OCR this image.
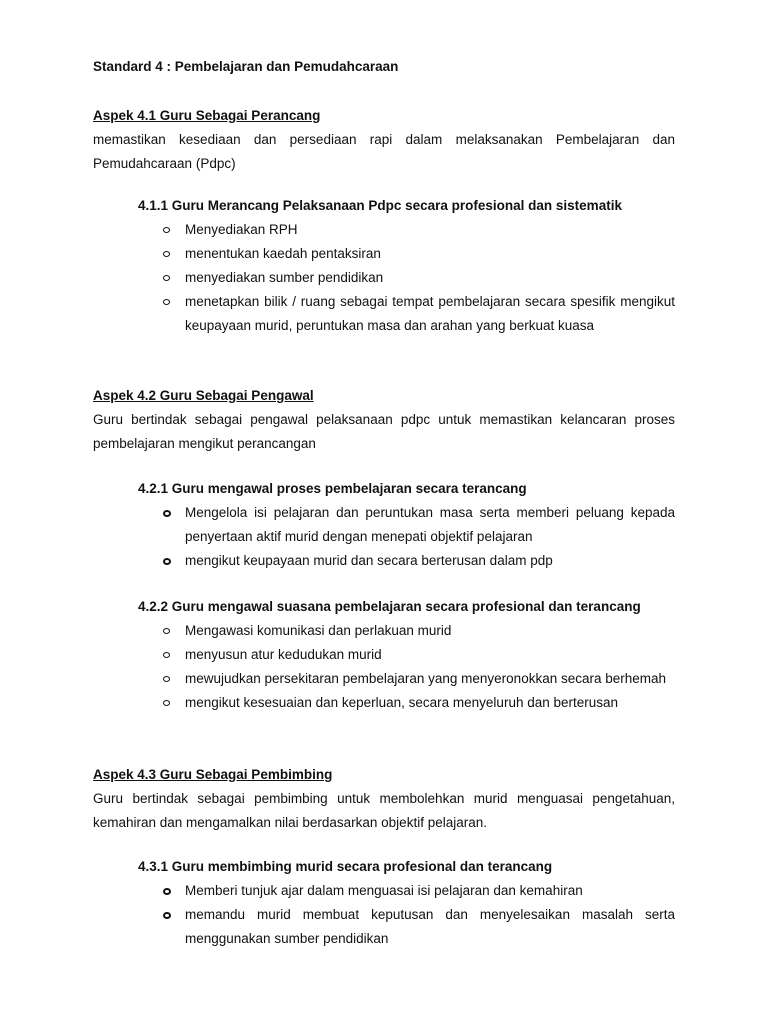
Standard 4 : Pembelajaran dan Pemudahcaraan
Aspek 4.1 Guru Sebagai Perancang

memastikan kesediaan dan persediaan rapi dalam melaksanakan Pembelajaran dan Pemudahcaraan (Pdpc)

4.1.1 Guru Merancang Pelaksanaan Pdpc secara profesional dan sistematik
Menyediakan RPH
menentukan kaedah pentaksiran
menyediakan sumber pendidikan
menetapkan bilik / ruang sebagai tempat pembelajaran secara spesifik mengikut keupayaan murid, peruntukan masa dan arahan yang berkuat kuasa
Aspek 4.2 Guru Sebagai Pengawal

Guru bertindak sebagai pengawal pelaksanaan pdpc untuk memastikan kelancaran proses pembelajaran mengikut perancangan

4.2.1 Guru mengawal proses pembelajaran secara terancang
Mengelola isi pelajaran dan peruntukan masa serta memberi peluang kepada penyertaan aktif murid dengan menepati objektif pelajaran
mengikut keupayaan murid dan secara berterusan dalam pdp
4.2.2 Guru mengawal suasana pembelajaran secara profesional dan terancang
Mengawasi komunikasi dan perlakuan murid
menyusun atur kedudukan murid
mewujudkan persekitaran pembelajaran yang menyeronokkan secara berhemah
mengikut kesesuaian dan keperluan, secara menyeluruh dan berterusan
Aspek 4.3 Guru Sebagai Pembimbing

Guru bertindak sebagai pembimbing untuk membolehkan murid menguasai pengetahuan, kemahiran dan mengamalkan nilai berdasarkan objektif pelajaran.

4.3.1 Guru membimbing murid secara profesional dan terancang
Memberi tunjuk ajar dalam menguasai isi pelajaran dan kemahiran
memandu murid membuat keputusan dan menyelesaikan masalah serta menggunakan sumber pendidikan
